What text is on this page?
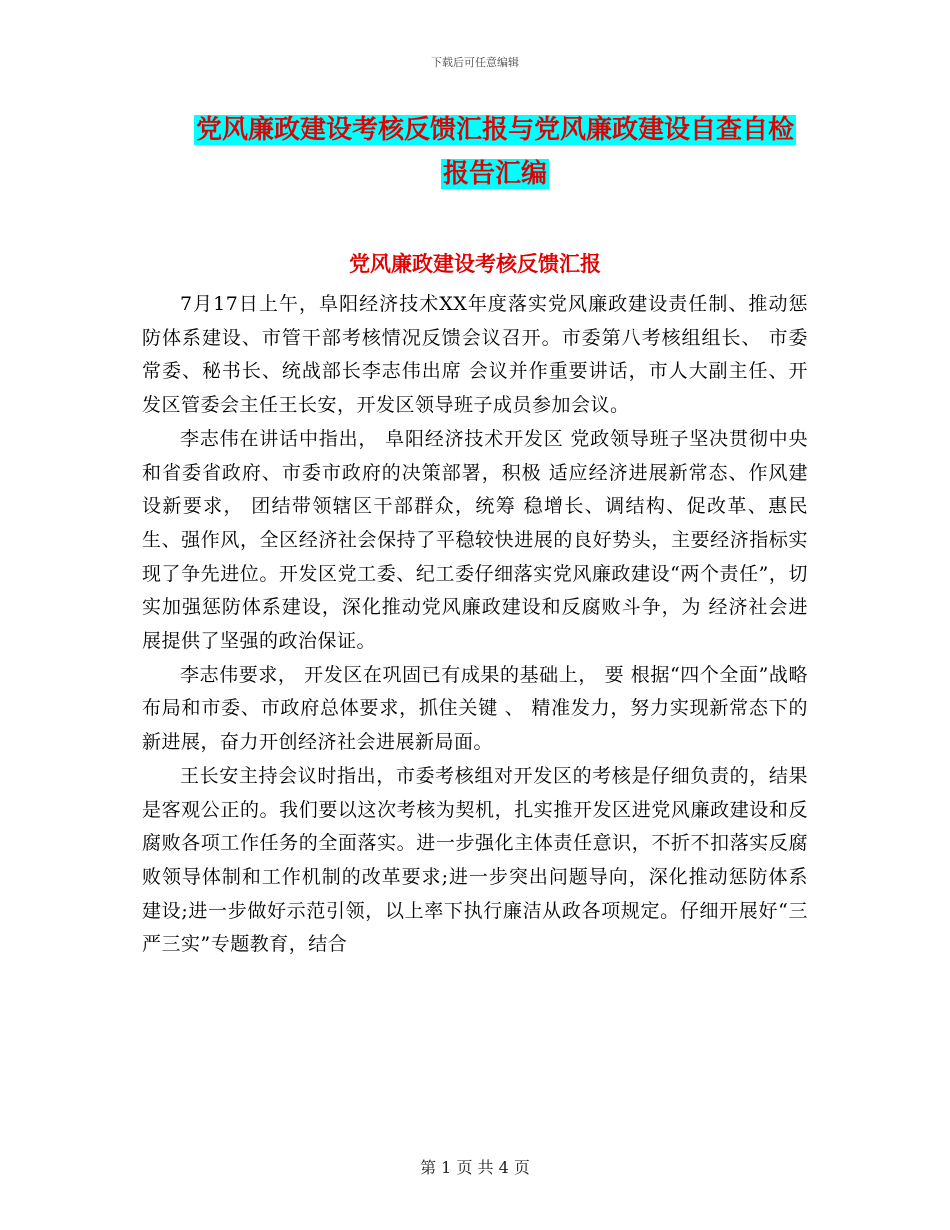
下载后可任意编辑
党风廉政建设考核反馈汇报与党风廉政建设自查自检
报告汇编
党风廉政建设考核反馈汇报

7月17日上午，阜阳经济技术XX年度落实党风廉政建设责任制、推动惩防体系建设、市管干部考核情况反馈会议召开。市委第八考核组组长、 市委常委、秘书长、统战部长李志伟出席 会议并作重要讲话，市人大副主任、开发区管委会主任王长安，开发区领导班子成员参加会议。

李志伟在讲话中指出， 阜阳经济技术开发区 党政领导班子坚决贯彻中央和省委省政府、市委市政府的决策部署，积极 适应经济进展新常态、作风建设新要求， 团结带领辖区干部群众，统筹 稳增长、调结构、促改革、惠民生、强作风，全区经济社会保持了平稳较快进展的良好势头，主要经济指标实现了争先进位。开发区党工委、纪工委仔细落实党风廉政建设“两个责任”，切实加强惩防体系建设，深化推动党风廉政建设和反腐败斗争，为 经济社会进展提供了坚强的政治保证。

李志伟要求， 开发区在巩固已有成果的基础上， 要 根据“四个全面”战略布局和市委、市政府总体要求，抓住关键 、 精准发力，努力实现新常态下的新进展，奋力开创经济社会进展新局面。

王长安主持会议时指出，市委考核组对开发区的考核是仔细负责的，结果是客观公正的。我们要以这次考核为契机，扎实推开发区进党风廉政建设和反腐败各项工作任务的全面落实。进一步强化主体责任意识，不折不扣落实反腐败领导体制和工作机制的改革要求;进一步突出问题导向，深化推动惩防体系建设;进一步做好示范引领，以上率下执行廉洁从政各项规定。仔细开展好“三严三实”专题教育，结合

第 1 页 共 4 页
